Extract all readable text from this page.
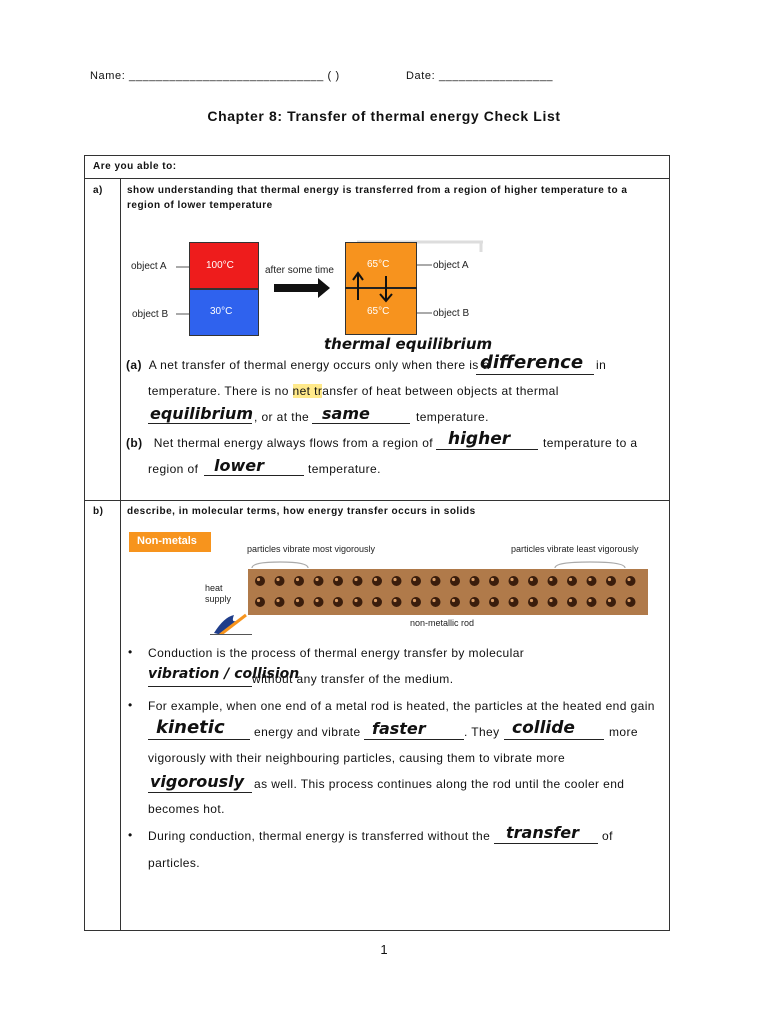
Name: _____________________________ ( )	Date: _________________
Chapter 8: Transfer of thermal energy Check List
Are you able to:
a) show understanding that thermal energy is transferred from a region of higher temperature to a region of lower temperature
b) describe, in molecular terms, how energy transfer occurs in solids
object A
object B
100°C
30°C
after some time
65°C
65°C
object A
object B
thermal equilibrium
(a) A net transfer of thermal energy occurs only when there is a
difference in
temperature. There is no net transfer of heat between objects at thermal
equilibrium , or at the same	temperature.
(b) Net thermal energy always flows from a region of higher	temperature to a
region of lower	temperature.
Non-metals
particles vibrate most vigorously	particles vibrate least vigorously
heat
supply
non-metallic rod
• Conduction is the process of thermal energy transfer by molecular
vibration / collision
without any transfer of the medium.
• For example, when one end of a metal rod is heated, the particles at the heated end gain
kinetic energy and vibrate faster	. They collide	more
vigorously with their neighbouring particles, causing them to vibrate more
vigorously as well. This process continues along the rod until the cooler end
becomes hot.
• During conduction, thermal energy is transferred without the transfer of
particles.
1
